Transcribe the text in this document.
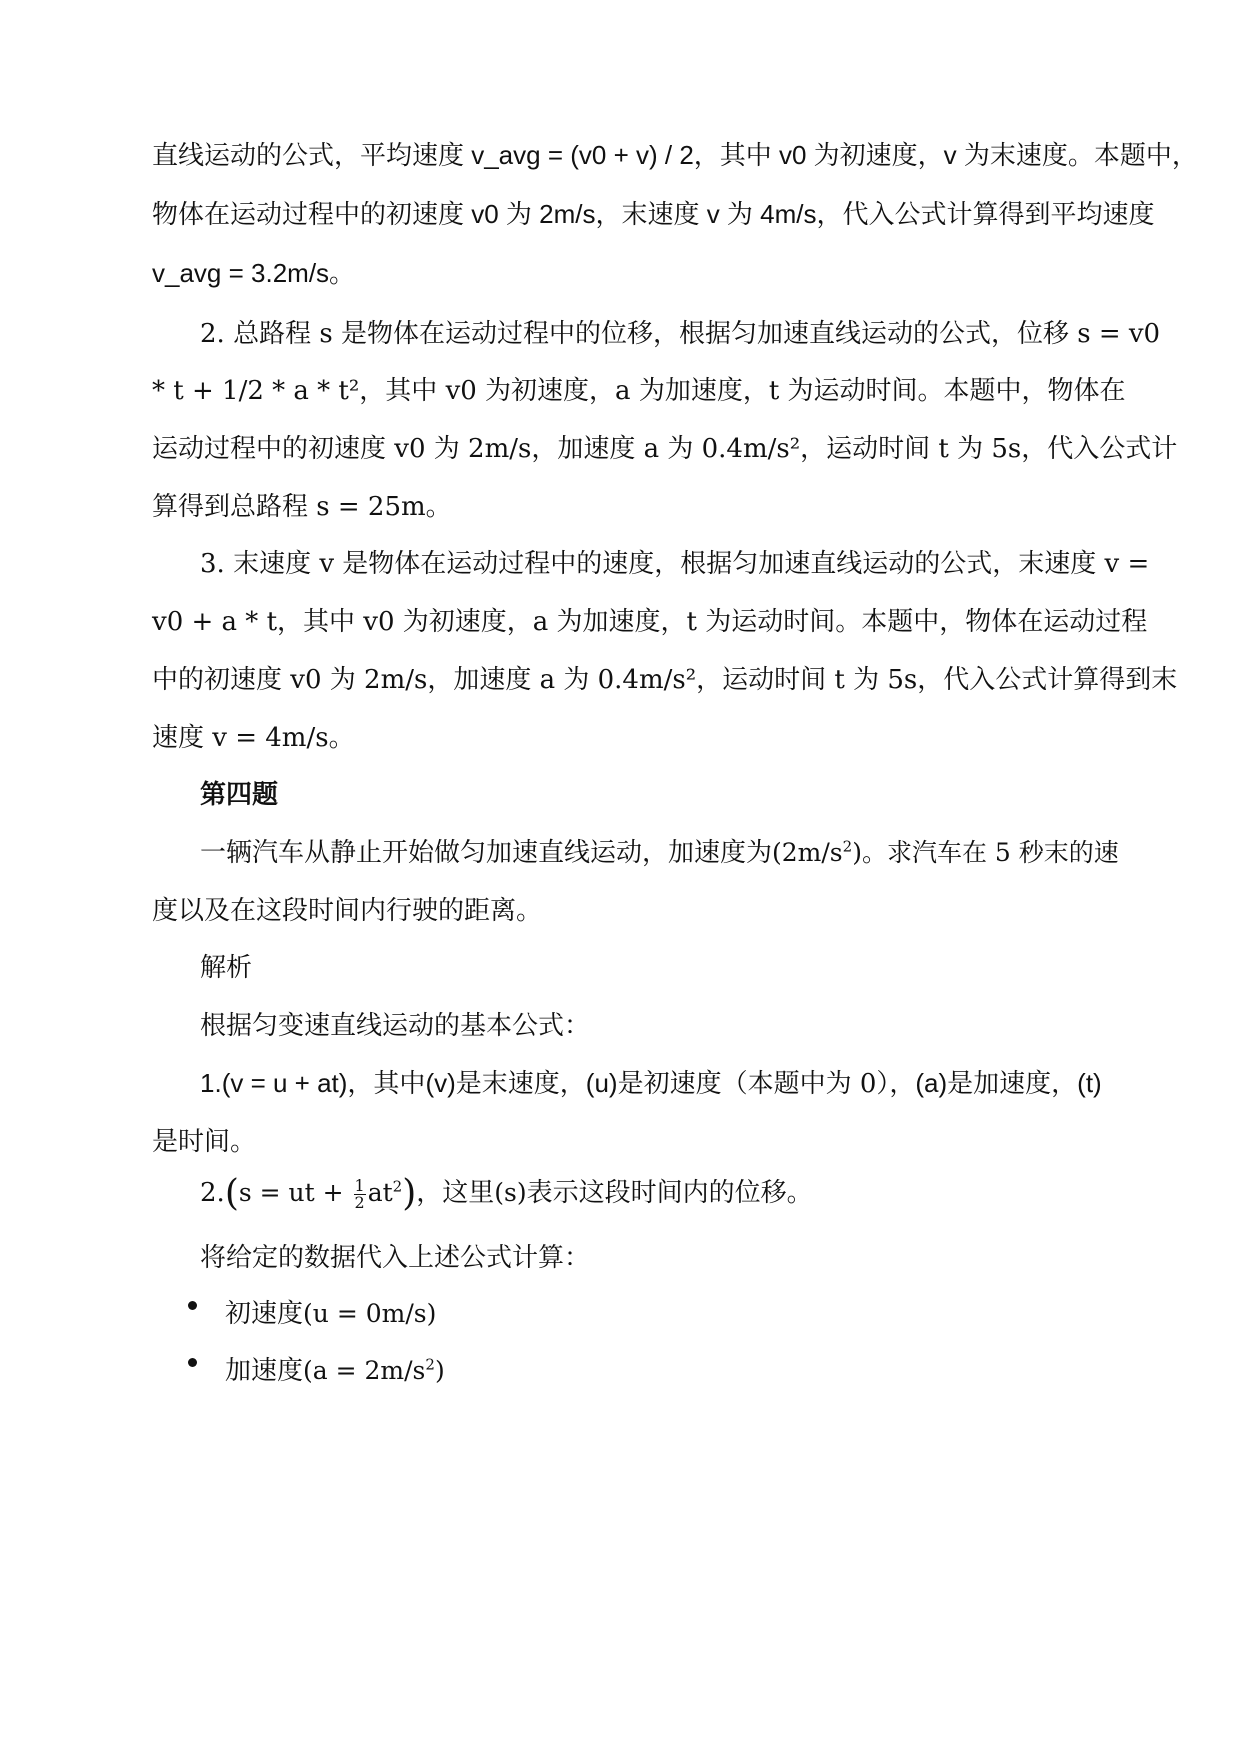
直线运动的公式，平均速度 v_avg = (v0 + v) / 2，其中 v0 为初速度，v 为末速度。本题中，
物体在运动过程中的初速度 v0 为 2m/s，末速度 v 为 4m/s，代入公式计算得到平均速度
v_avg = 3.2m/s。
2. 总路程 s 是物体在运动过程中的位移，根据匀加速直线运动的公式，位移 s = v0
* t + 1/2 * a * t²，其中 v0 为初速度，a 为加速度，t 为运动时间。本题中，物体在
运动过程中的初速度 v0 为 2m/s，加速度 a 为 0.4m/s²，运动时间 t 为 5s，代入公式计
算得到总路程 s = 25m。
3. 末速度 v 是物体在运动过程中的速度，根据匀加速直线运动的公式，末速度 v =
v0 + a * t，其中 v0 为初速度，a 为加速度，t 为运动时间。本题中，物体在运动过程
中的初速度 v0 为 2m/s，加速度 a 为 0.4m/s²，运动时间 t 为 5s，代入公式计算得到末
速度 v = 4m/s。
第四题
一辆汽车从静止开始做匀加速直线运动，加速度为$(2m/s^2)$。求汽车在 5 秒末的速
度以及在这段时间内行驶的距离。
解析
根据匀变速直线运动的基本公式：
1.(v = u + at)，其中(v)是末速度，(u)是初速度（本题中为 0），(a)是加速度，(t)
是时间。
2.(s = ut + $\frac{1}{2} at^2$)，这里(s)表示这段时间内的位移。
将给定的数据代入上述公式计算：
初速度(u = 0m/s)
加速度$(a = 2m/s^2)$
